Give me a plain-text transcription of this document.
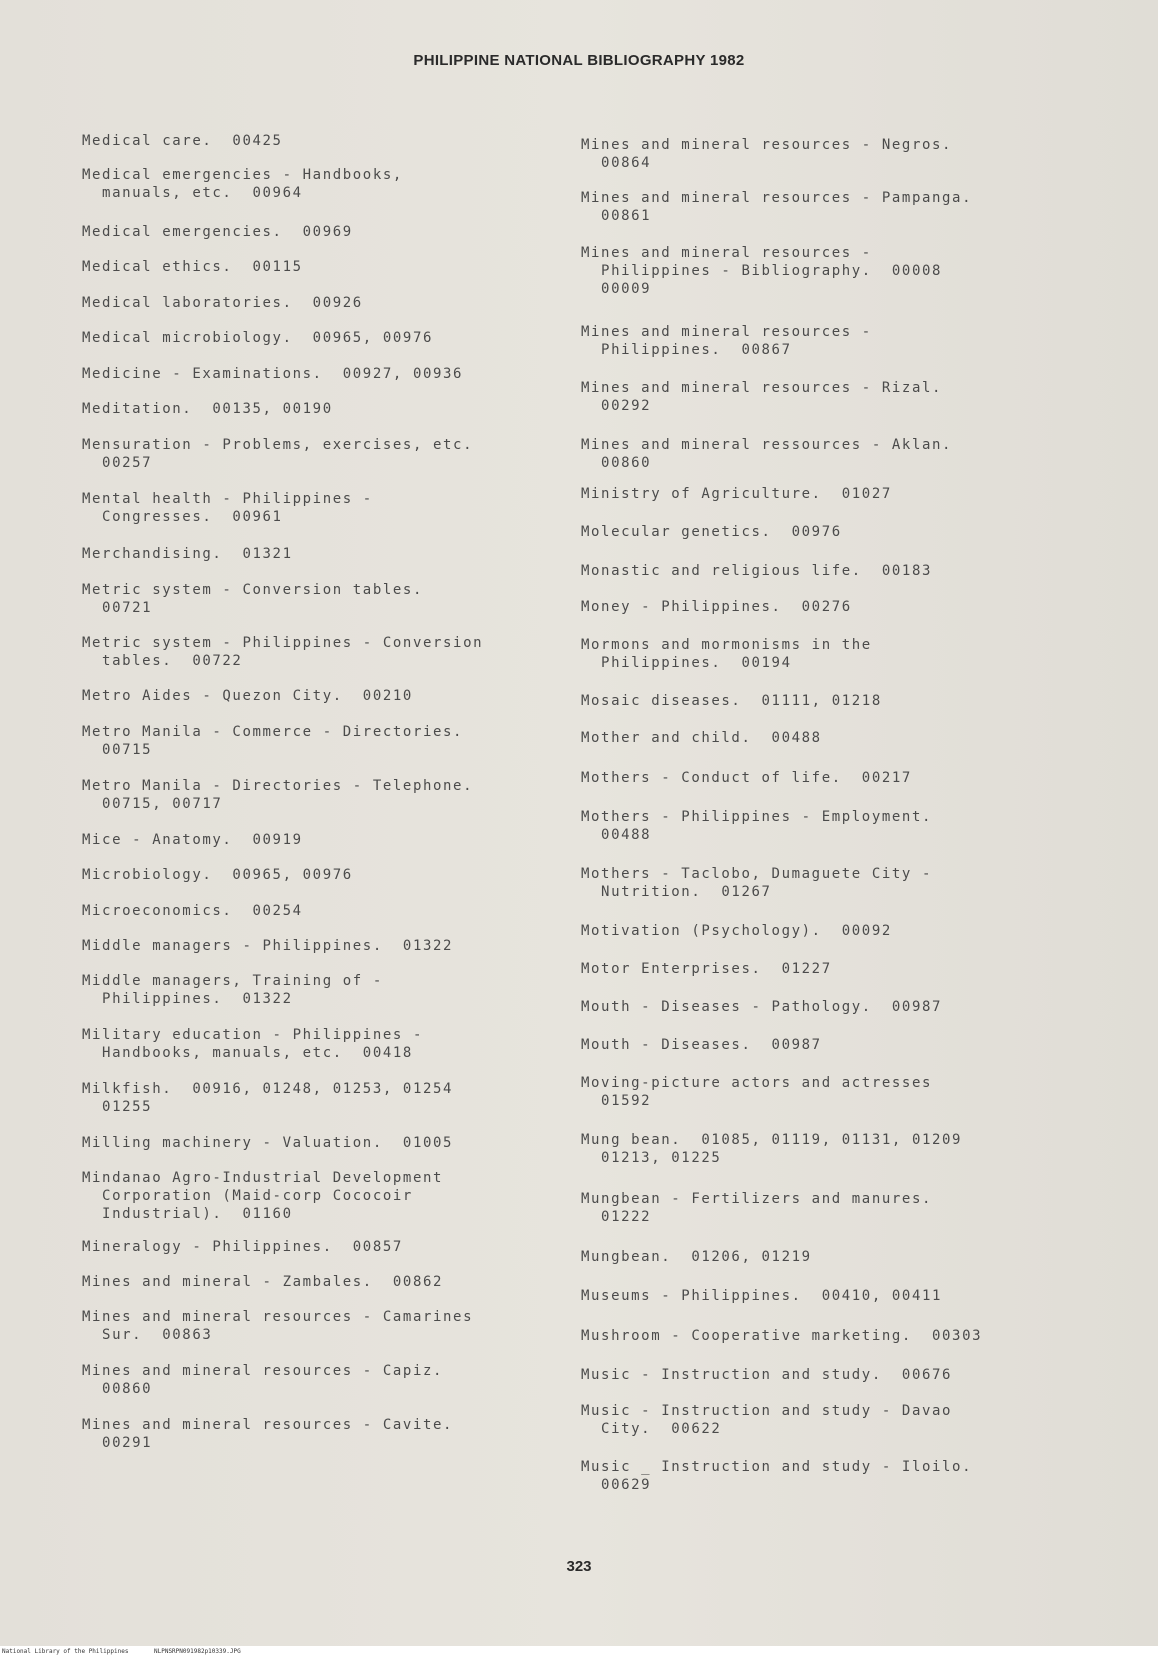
PHILIPPINE NATIONAL BIBLIOGRAPHY 1982

Medical care.  00425

Medical emergencies - Handbooks,
manuals, etc.  00964

Medical emergencies.  00969

Medical ethics.  00115

Medical laboratories.  00926

Medical microbiology.  00965, 00976

Medicine - Examinations.  00927, 00936

Meditation.  00135, 00190

Mensuration - Problems, exercises, etc.
00257

Mental health - Philippines -
Congresses.  00961

Merchandising.  01321

Metric system - Conversion tables.
00721

Metric system - Philippines - Conversion
tables.  00722

Metro Aides - Quezon City.  00210

Metro Manila - Commerce - Directories.
00715

Metro Manila - Directories - Telephone.
00715, 00717

Mice - Anatomy.  00919

Microbiology.  00965, 00976

Microeconomics.  00254

Middle managers - Philippines.  01322

Middle managers, Training of -
Philippines.  01322

Military education - Philippines -
Handbooks, manuals, etc.  00418

Milkfish.  00916, 01248, 01253, 01254
01255

Milling machinery - Valuation.  01005

Mindanao Agro-Industrial Development
Corporation (Maid-corp Cococoir
Industrial).  01160

Mineralogy - Philippines.  00857

Mines and mineral - Zambales.  00862

Mines and mineral resources - Camarines
Sur.  00863

Mines and mineral resources - Capiz.
00860

Mines and mineral resources - Cavite.
00291

Mines and mineral resources - Negros.
00864

Mines and mineral resources - Pampanga.
00861

Mines and mineral resources -
Philippines - Bibliography.  00008
00009

Mines and mineral resources -
Philippines.  00867

Mines and mineral resources - Rizal.
00292

Mines and mineral ressources - Aklan.
00860

Ministry of Agriculture.  01027

Molecular genetics.  00976

Monastic and religious life.  00183

Money - Philippines.  00276

Mormons and mormonisms in the
Philippines.  00194

Mosaic diseases.  01111, 01218

Mother and child.  00488

Mothers - Conduct of life.  00217

Mothers - Philippines - Employment.
00488

Mothers - Taclobo, Dumaguete City -
Nutrition.  01267

Motivation (Psychology).  00092

Motor Enterprises.  01227

Mouth - Diseases - Pathology.  00987

Mouth - Diseases.  00987

Moving-picture actors and actresses
01592

Mung bean.  01085, 01119, 01131, 01209
01213, 01225

Mungbean - Fertilizers and manures.
01222

Mungbean.  01206, 01219

Museums - Philippines.  00410, 00411

Mushroom - Cooperative marketing.  00303

Music - Instruction and study.  00676

Music - Instruction and study - Davao
City.  00622

Music _ Instruction and study - Iloilo.
00629

323
National Library of the Philippines	NLPNSRPN091982p10339.JPG
